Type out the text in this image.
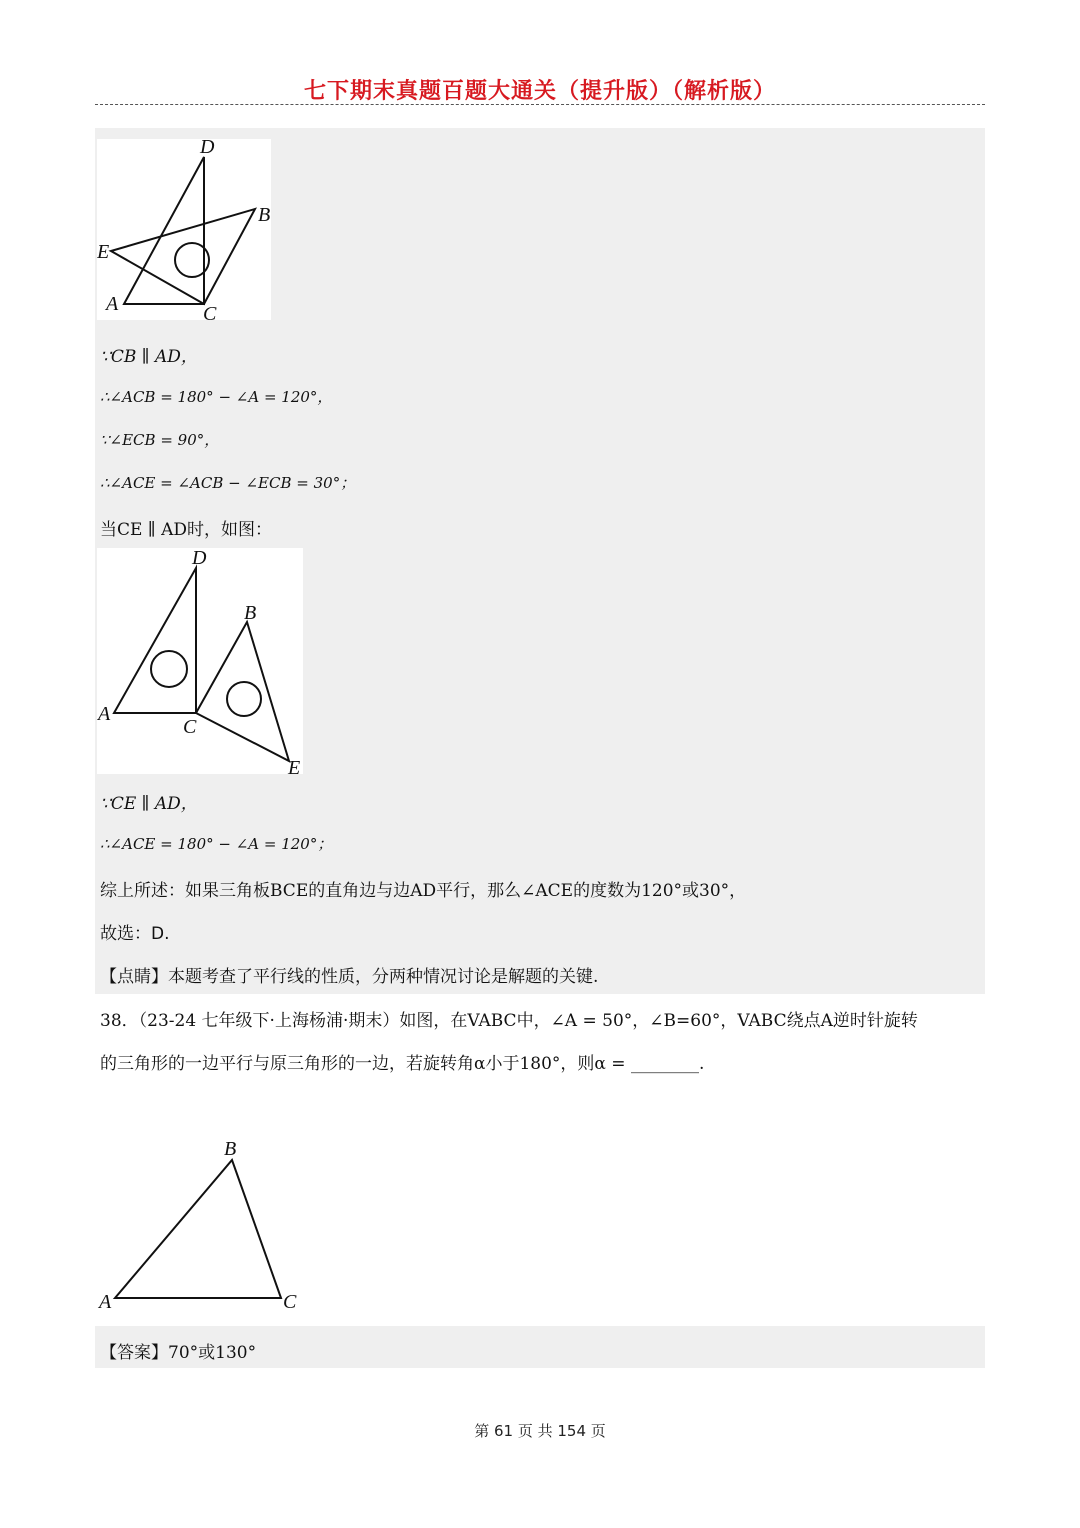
七下期末真题百题大通关（提升版）（解析版）
D
B
E
A	C
∵CB ∥ AD，
∴∠ACB = 180° − ∠A = 120°，
∵∠ECB = 90°，
∴∠ACE = ∠ACB − ∠ECB = 30°；
当CE ∥ AD时，如图：
D
B
A
C
E
∵CE ∥ AD，
∴∠ACE = 180° − ∠A = 120°；
综上所述：如果三角板BCE的直角边与边AD平行，那么∠ACE的度数为120°或30°，
故选：D.
【点睛】本题考查了平行线的性质，分两种情况讨论是解题的关键.
38．（23-24 七年级下·上海杨浦·期末）如图，在VABC中，∠A = 50°，∠B=60°，VABC绕点A逆时针旋转
的三角形的一边平行与原三角形的一边，若旋转角α小于180°，则α = ________.
B
A	C
【答案】70°或130°
第 61 页 共 154 页
